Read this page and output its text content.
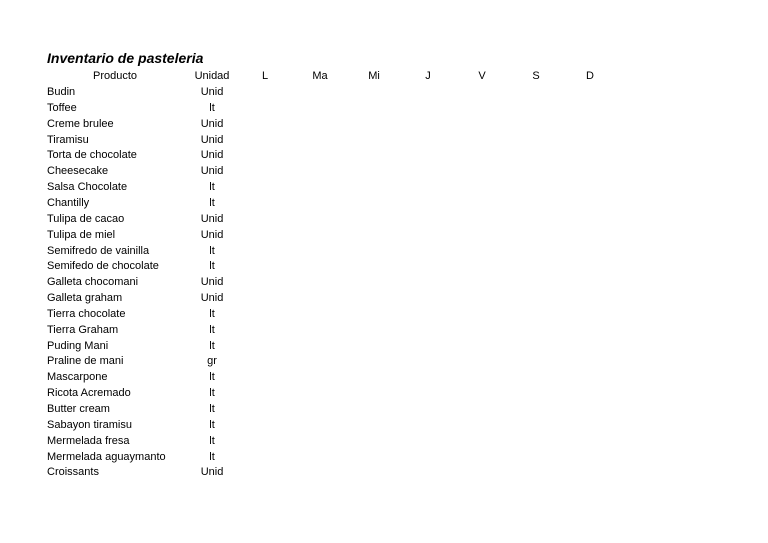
Inventario de pasteleria
Producto	Unidad	L	Ma	Mi	J	V	S	D
Budin	Unid
Toffee	lt
Creme brulee	Unid
Tiramisu	Unid
Torta de chocolate	Unid
Cheesecake	Unid
Salsa Chocolate	lt
Chantilly	lt
Tulipa de cacao	Unid
Tulipa de miel	Unid
Semifredo de vainilla	lt
Semifedo de chocolate	lt
Galleta chocomani	Unid
Galleta graham	Unid
Tierra chocolate	lt
Tierra Graham	lt
Puding Mani	lt
Praline de mani	gr
Mascarpone	lt
Ricota Acremado	lt
Butter cream	lt
Sabayon tiramisu	lt
Mermelada fresa	lt
Mermelada aguaymanto	lt
Croissants	Unid
